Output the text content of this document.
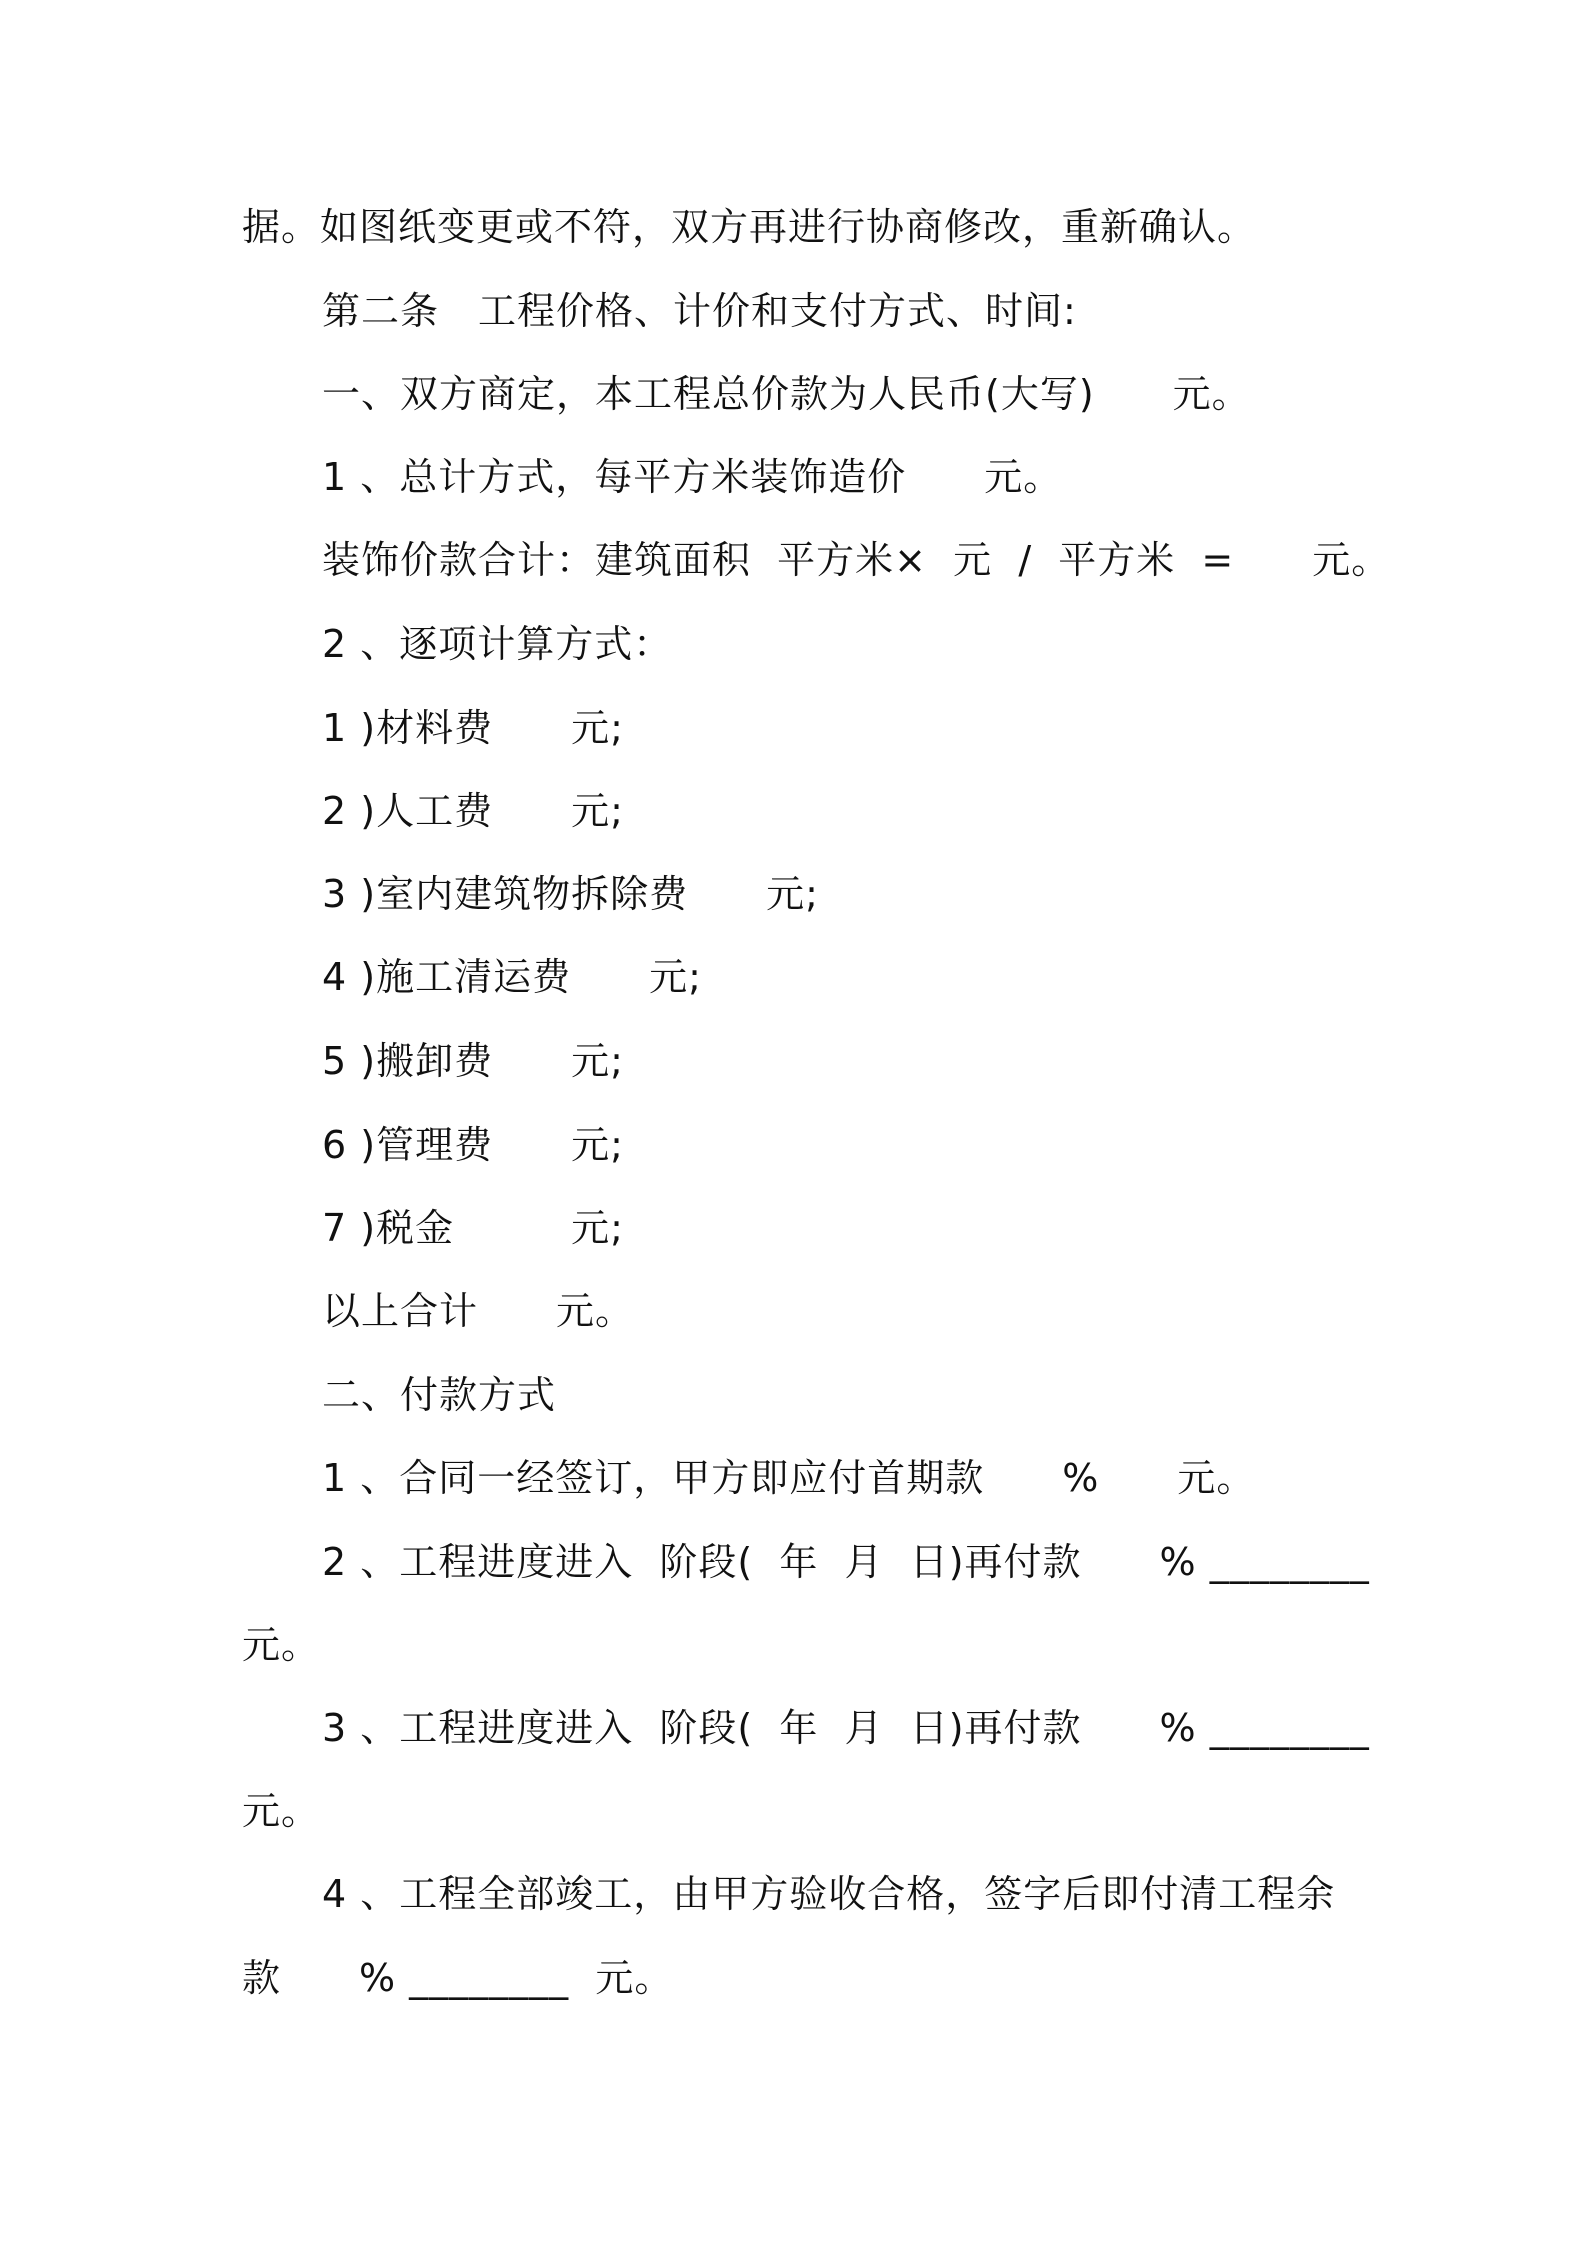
据。如图纸变更或不符，双方再进行协商修改，重新确认。
第二条　工程价格、计价和支付方式、时间:
一、双方商定，本工程总价款为人民币(大写)　　元。
1 、总计方式，每平方米装饰造价　　元。
装饰价款合计：建筑面积  平方米×  元  /  平方米  =　　元。
2 、逐项计算方式：
1 )材料费　　元;
2 )人工费　　元;
3 )室内建筑物拆除费　　元;
4 )施工清运费　　元;
5 )搬卸费　　元;
6 )管理费　　元;
7 )税金　　　元;
以上合计　　元。
二、付款方式
1 、合同一经签订，甲方即应付首期款　　%　　元。
2 、工程进度进入  阶段(  年  月  日)再付款　　% ________
元。
3 、工程进度进入  阶段(  年  月  日)再付款　　% ________
元。
4 、工程全部竣工，由甲方验收合格，签字后即付清工程余
款　　% ________  元。
